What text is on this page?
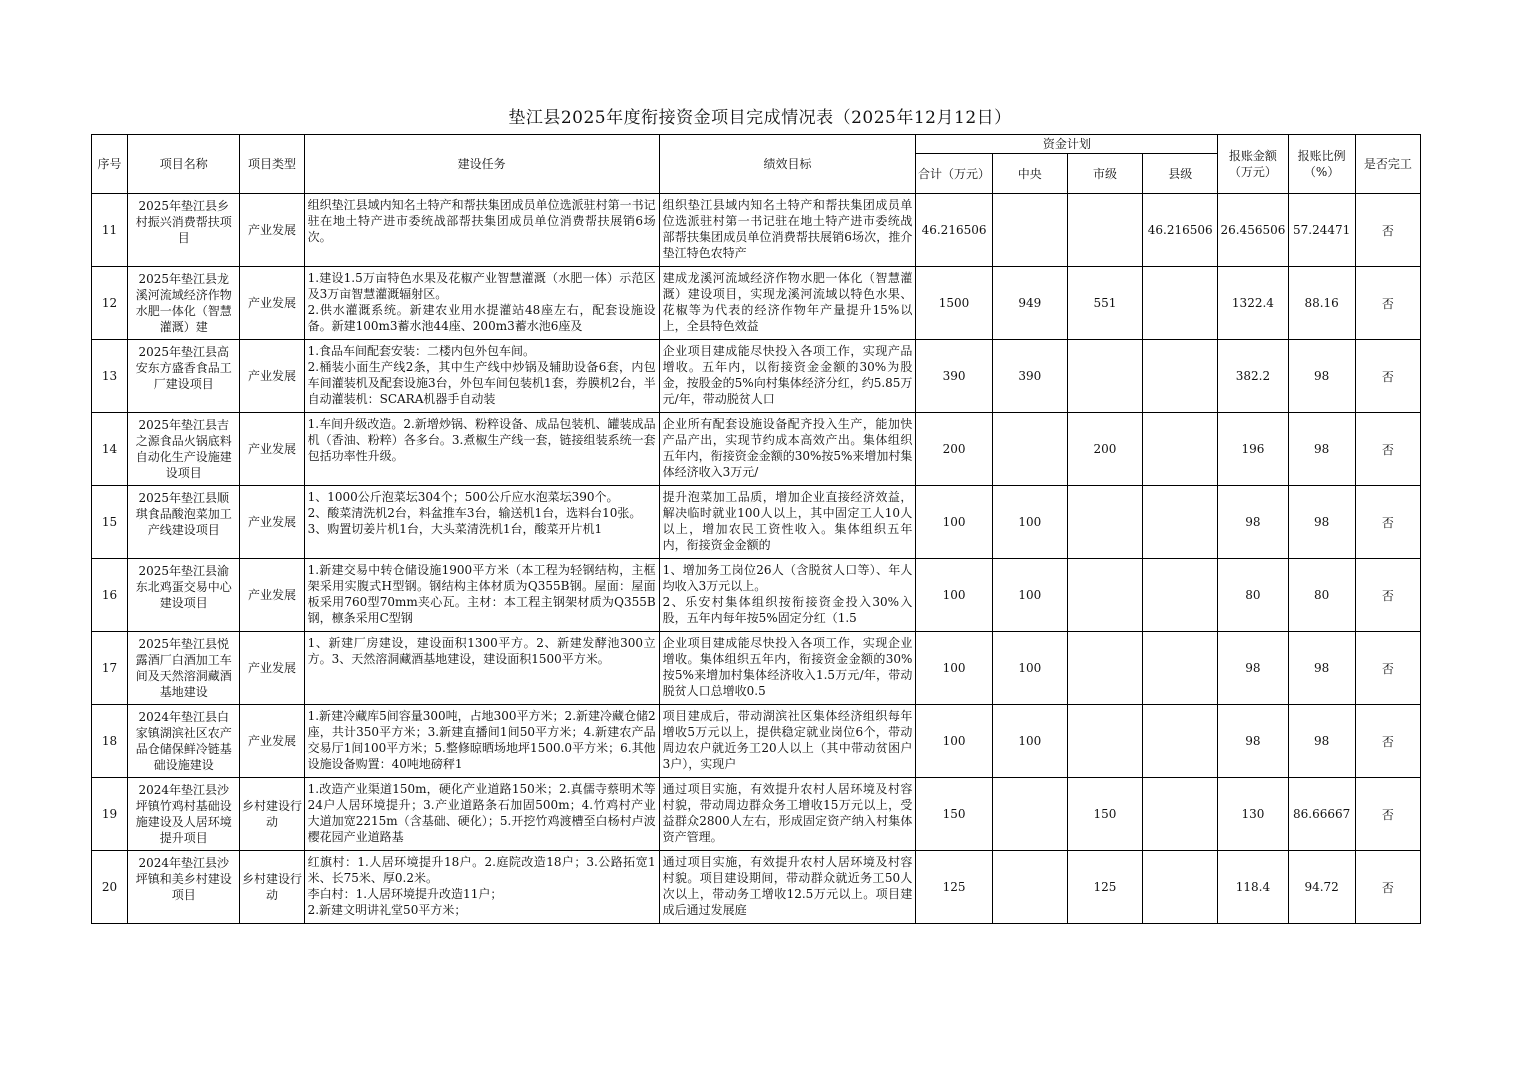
垫江县2025年度衔接资金项目完成情况表（2025年12月12日）
序号	项目名称	项目类型	建设任务	绩效目标	资金计划				报账金额（万元）	报账比例（%）	是否完工
					合计（万元）	中央	市级	县级			
11	2025年垫江县乡村振兴消费帮扶项目	产业发展	组织垫江县域内知名土特产和帮扶集团成员单位选派驻村第一书记驻在地土特产进市委统战部帮扶集团成员单位消费帮扶展销6场次。	组织垫江县域内知名土特产和帮扶集团成员单位选派驻村第一书记驻在地土特产进市委统战部帮扶集团成员单位消费帮扶展销6场次，推介垫江特色农特产	46.216506			46.216506	26.456506	57.24471	否
12	2025年垫江县龙溪河流域经济作物水肥一体化（智慧灌溉）建	产业发展	1.建设1.5万亩特色水果及花椒产业智慧灌溉（水肥一体）示范区及3万亩智慧灌溉辐射区。
2.供水灌溉系统。新建农业用水提灌站48座左右，配套设施设备。新建100m3蓄水池44座、200m3蓄水池6座及	建成龙溪河流域经济作物水肥一体化（智慧灌溉）建设项目，实现龙溪河流域以特色水果、花椒等为代表的经济作物年产量提升15%以上，全县特色效益	1500	949	551		1322.4	88.16	否
13	2025年垫江县高安东方盛香食品工厂建设项目	产业发展	1.食品车间配套安装：二楼内包外包车间。
2.桶装小面生产线2条，其中生产线中炒锅及辅助设备6套，内包车间灌装机及配套设施3台，外包车间包装机1套，券膜机2台，半自动灌装机：SCARA机器手自动装	企业项目建成能尽快投入各项工作，实现产品增收。五年内，以衔接资金金额的30%为股金，按股金的5%向村集体经济分红，约5.85万元/年，带动脱贫人口	390	390			382.2	98	否
14	2025年垫江县吉之源食品火锅底料自动化生产设施建设项目	产业发展	1.车间升级改造。2.新增炒锅、粉粹设备、成品包装机、罐装成品机（香油、粉粹）各多台。3.煮椒生产线一套，链接组装系统一套包括功率性升级。	企业所有配套设施设备配齐投入生产，能加快产品产出，实现节约成本高效产出。集体组织五年内，衔接资金金额的30%按5%来增加村集体经济收入3万元/	200		200		196	98	否
15	2025年垫江县顺琪食品酸泡菜加工产线建设项目	产业发展	1、1000公斤泡菜坛304个；500公斤应水泡菜坛390个。
2、酸菜清洗机2台，料盆推车3台，输送机1台，选料台10张。
3、购置切姜片机1台，大头菜清洗机1台，酸菜开片机1	提升泡菜加工品质，增加企业直接经济效益，解决临时就业100人以上，其中固定工人10人以上，增加农民工资性收入。集体组织五年内，衔接资金金额的	100	100			98	98	否
16	2025年垫江县渝东北鸡蛋交易中心建设项目	产业发展	1.新建交易中转仓储设施1900平方米（本工程为轻钢结构，主框架采用实腹式H型钢。钢结构主体材质为Q355B钢。屋面：屋面板采用760型70mm夹心瓦。主材：本工程主钢架材质为Q355B钢，檩条采用C型钢	1、增加务工岗位26人（含脱贫人口等）、年人均收入3万元以上。
2、乐安村集体组织按衔接资金投入30%入股，五年内每年按5%固定分红（1.5	100	100			80	80	否
17	2025年垫江县悦露酒厂白酒加工车间及天然溶洞藏酒基地建设	产业发展	1、新建厂房建设，建设面积1300平方。2、新建发酵池300立方。3、天然溶洞藏酒基地建设，建设面积1500平方米。	企业项目建成能尽快投入各项工作，实现企业增收。集体组织五年内，衔接资金金额的30%按5%来增加村集体经济收入1.5万元/年，带动脱贫人口总增收0.5	100	100			98	98	否
18	2024年垫江县白家镇湖滨社区农产品仓储保鲜冷链基础设施建设	产业发展	1.新建冷藏库5间容量300吨，占地300平方米；2.新建冷藏仓储2座，共计350平方米；3.新建直播间1间50平方米；4.新建农产品交易厅1间100平方米；5.整修晾晒场地坪1500.0平方米；6.其他设施设备购置：40吨地磅秤1	项目建成后，带动湖滨社区集体经济组织每年增收5万元以上，提供稳定就业岗位6个，带动周边农户就近务工20人以上（其中带动贫困户3户），实现户	100	100			98	98	否
19	2024年垫江县沙坪镇竹鸡村基础设施建设及人居环境提升项目	乡村建设行动	1.改造产业渠道150m，硬化产业道路150米；2.真儒寺蔡明术等24户人居环境提升；3.产业道路条石加固500m；4.竹鸡村产业大道加宽2215m（含基础、硬化）；5.开挖竹鸡渡槽至白杨村卢波樱花园产业道路基	通过项目实施，有效提升农村人居环境及村容村貌，带动周边群众务工增收15万元以上，受益群众2800人左右，形成固定资产纳入村集体资产管理。	150		150		130	86.66667	否
20	2024年垫江县沙坪镇和美乡村建设项目	乡村建设行动	红旗村：1.人居环境提升18户。2.庭院改造18户；3.公路拓宽1米、长75米、厚0.2米。
李白村：1.人居环境提升改造11户；
2.新建文明讲礼堂50平方米；	通过项目实施，有效提升农村人居环境及村容村貌。项目建设期间，带动群众就近务工50人次以上，带动务工增收12.5万元以上。项目建成后通过发展庭	125		125		118.4	94.72	否
